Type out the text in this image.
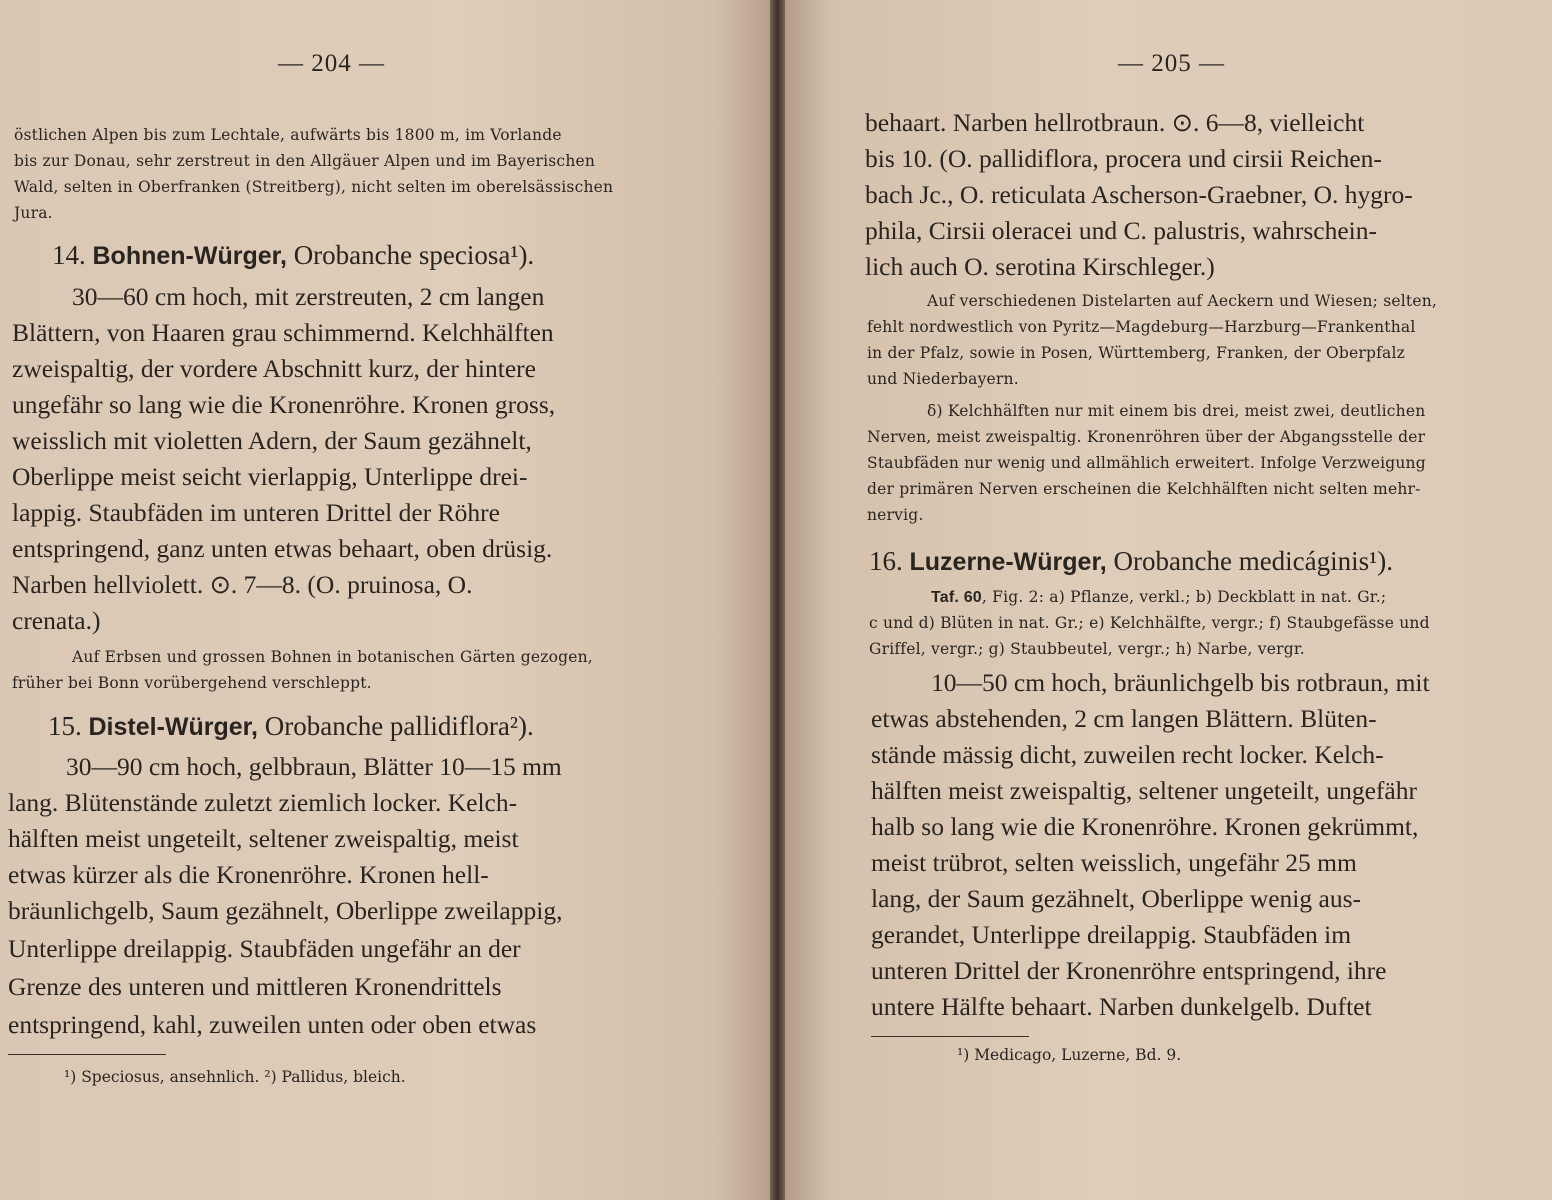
— 204 —
östlichen Alpen bis zum Lechtale, aufwärts bis 1800 m, im Vorlande
bis zur Donau, sehr zerstreut in den Allgäuer Alpen und im Bayerischen
Wald, selten in Oberfranken (Streitberg), nicht selten im oberelsässischen
Jura.
14. Bohnen-Würger, Orobanche speciosa¹).
30—60 cm hoch, mit zerstreuten, 2 cm langen
Blättern, von Haaren grau schimmernd. Kelchhälften
zweispaltig, der vordere Abschnitt kurz, der hintere
ungefähr so lang wie die Kronenröhre. Kronen gross,
weisslich mit violetten Adern, der Saum gezähnelt,
Oberlippe meist seicht vierlappig, Unterlippe drei-
lappig. Staubfäden im unteren Drittel der Röhre
entspringend, ganz unten etwas behaart, oben drüsig.
Narben hellviolett. ⊙. 7—8. (O. pruinosa, O.
crenata.)
Auf Erbsen und grossen Bohnen in botanischen Gärten gezogen,
früher bei Bonn vorübergehend verschleppt.
15. Distel-Würger, Orobanche pallidiflora²).
30—90 cm hoch, gelbbraun, Blätter 10—15 mm
lang. Blütenstände zuletzt ziemlich locker. Kelch-
hälften meist ungeteilt, seltener zweispaltig, meist
etwas kürzer als die Kronenröhre. Kronen hell-
bräunlichgelb, Saum gezähnelt, Oberlippe zweilappig,
Unterlippe dreilappig. Staubfäden ungefähr an der
Grenze des unteren und mittleren Kronendrittels
entspringend, kahl, zuweilen unten oder oben etwas
¹) Speciosus, ansehnlich. ²) Pallidus, bleich.
— 205 —
behaart. Narben hellrotbraun. ⊙. 6—8, vielleicht
bis 10. (O. pallidiflora, procera und cirsii Reichen-
bach Jc., O. reticulata Ascherson-Graebner, O. hygro-
phila, Cirsii oleracei und C. palustris, wahrschein-
lich auch O. serotina Kirschleger.)
Auf verschiedenen Distelarten auf Aeckern und Wiesen; selten,
fehlt nordwestlich von Pyritz—Magdeburg—Harzburg—Frankenthal
in der Pfalz, sowie in Posen, Württemberg, Franken, der Oberpfalz
und Niederbayern.
δ) Kelchhälften nur mit einem bis drei, meist zwei, deutlichen
Nerven, meist zweispaltig. Kronenröhren über der Abgangsstelle der
Staubfäden nur wenig und allmählich erweitert. Infolge Verzweigung
der primären Nerven erscheinen die Kelchhälften nicht selten mehr-
nervig.
16. Luzerne-Würger, Orobanche medicáginis¹).
Taf. 60, Fig. 2: a) Pflanze, verkl.; b) Deckblatt in nat. Gr.;
c und d) Blüten in nat. Gr.; e) Kelchhälfte, vergr.; f) Staubgefässe und
Griffel, vergr.; g) Staubbeutel, vergr.; h) Narbe, vergr.
10—50 cm hoch, bräunlichgelb bis rotbraun, mit
etwas abstehenden, 2 cm langen Blättern. Blüten-
stände mässig dicht, zuweilen recht locker. Kelch-
hälften meist zweispaltig, seltener ungeteilt, ungefähr
halb so lang wie die Kronenröhre. Kronen gekrümmt,
meist trübrot, selten weisslich, ungefähr 25 mm
lang, der Saum gezähnelt, Oberlippe wenig aus-
gerandet, Unterlippe dreilappig. Staubfäden im
unteren Drittel der Kronenröhre entspringend, ihre
untere Hälfte behaart. Narben dunkelgelb. Duftet
¹) Medicago, Luzerne, Bd. 9.
